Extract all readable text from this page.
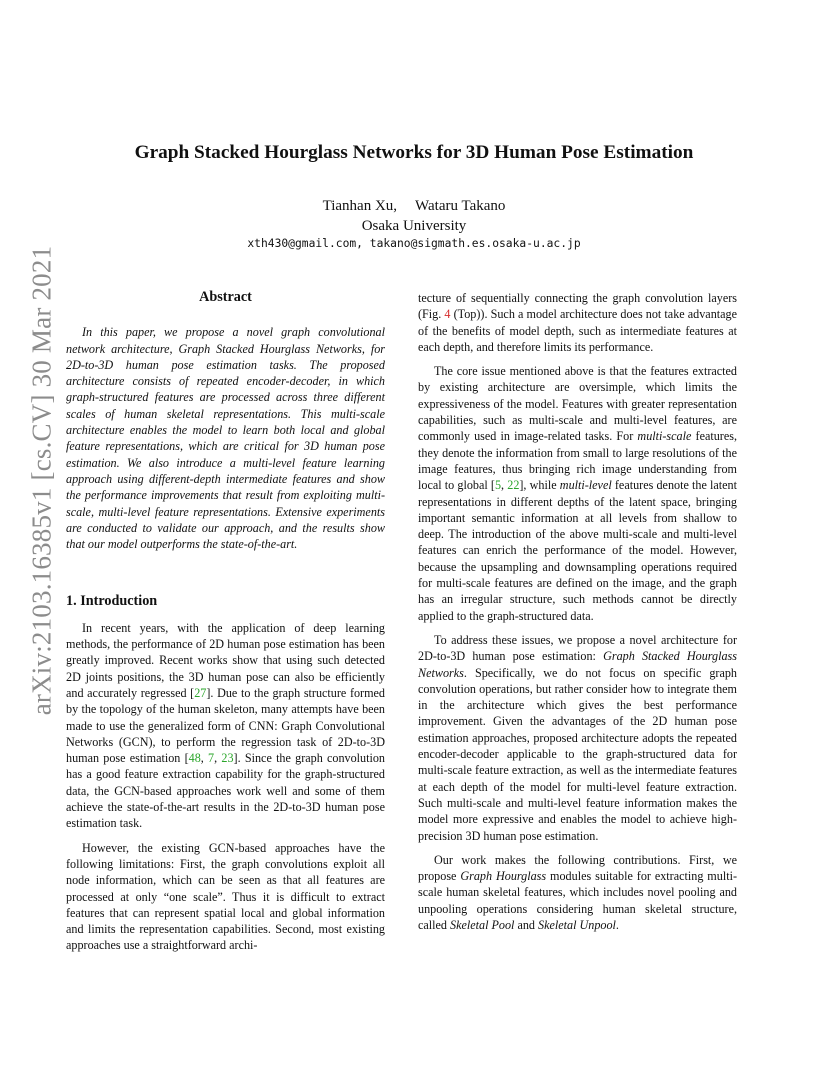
arXiv:2103.16385v1 [cs.CV] 30 Mar 2021
Graph Stacked Hourglass Networks for 3D Human Pose Estimation
Tianhan Xu, Wataru Takano
Osaka University
xth430@gmail.com, takano@sigmath.es.osaka-u.ac.jp
Abstract

In this paper, we propose a novel graph convolutional network architecture, Graph Stacked Hourglass Networks, for 2D-to-3D human pose estimation tasks. The proposed architecture consists of repeated encoder-decoder, in which graph-structured features are processed across three different scales of human skeletal representations. This multi-scale architecture enables the model to learn both local and global feature representations, which are critical for 3D human pose estimation. We also introduce a multi-level feature learning approach using different-depth intermediate features and show the performance improvements that result from exploiting multi-scale, multi-level feature representations. Extensive experiments are conducted to validate our approach, and the results show that our model outperforms the state-of-the-art.

1. Introduction

In recent years, with the application of deep learning methods, the performance of 2D human pose estimation has been greatly improved. Recent works show that using such detected 2D joints positions, the 3D human pose can also be efficiently and accurately regressed [27]. Due to the graph structure formed by the topology of the human skeleton, many attempts have been made to use the generalized form of CNN: Graph Convolutional Networks (GCN), to perform the regression task of 2D-to-3D human pose estimation [48, 7, 23]. Since the graph convolution has a good feature extraction capability for the graph-structured data, the GCN-based approaches work well and some of them achieve the state-of-the-art results in the 2D-to-3D human pose estimation task.

However, the existing GCN-based approaches have the following limitations: First, the graph convolutions exploit all node information, which can be seen as that all features are processed at only “one scale”. Thus it is difficult to extract features that can represent spatial local and global information and limits the representation capabilities. Second, most existing approaches use a straightforward archi-

tecture of sequentially connecting the graph convolution layers (Fig. 4 (Top)). Such a model architecture does not take advantage of the benefits of model depth, such as intermediate features at each depth, and therefore limits its performance.

The core issue mentioned above is that the features extracted by existing architecture are oversimple, which limits the expressiveness of the model. Features with greater representation capabilities, such as multi-scale and multi-level features, are commonly used in image-related tasks. For multi-scale features, they denote the information from small to large resolutions of the image features, thus bringing rich image understanding from local to global [5, 22], while multi-level features denote the latent representations in different depths of the latent space, bringing important semantic information at all levels from shallow to deep. The introduction of the above multi-scale and multi-level features can enrich the performance of the model. However, because the upsampling and downsampling operations required for multi-scale features are defined on the image, and the graph has an irregular structure, such methods cannot be directly applied to the graph-structured data.

To address these issues, we propose a novel architecture for 2D-to-3D human pose estimation: Graph Stacked Hourglass Networks. Specifically, we do not focus on specific graph convolution operations, but rather consider how to integrate them in the architecture which gives the best performance improvement. Given the advantages of the 2D human pose estimation approaches, proposed architecture adopts the repeated encoder-decoder applicable to the graph-structured data for multi-scale feature extraction, as well as the intermediate features at each depth of the model for multi-level feature extraction. Such multi-scale and multi-level feature information makes the model more expressive and enables the model to achieve high-precision 3D human pose estimation.

Our work makes the following contributions. First, we propose Graph Hourglass modules suitable for extracting multi-scale human skeletal features, which includes novel pooling and unpooling operations considering human skeletal structure, called Skeletal Pool and Skeletal Unpool.
